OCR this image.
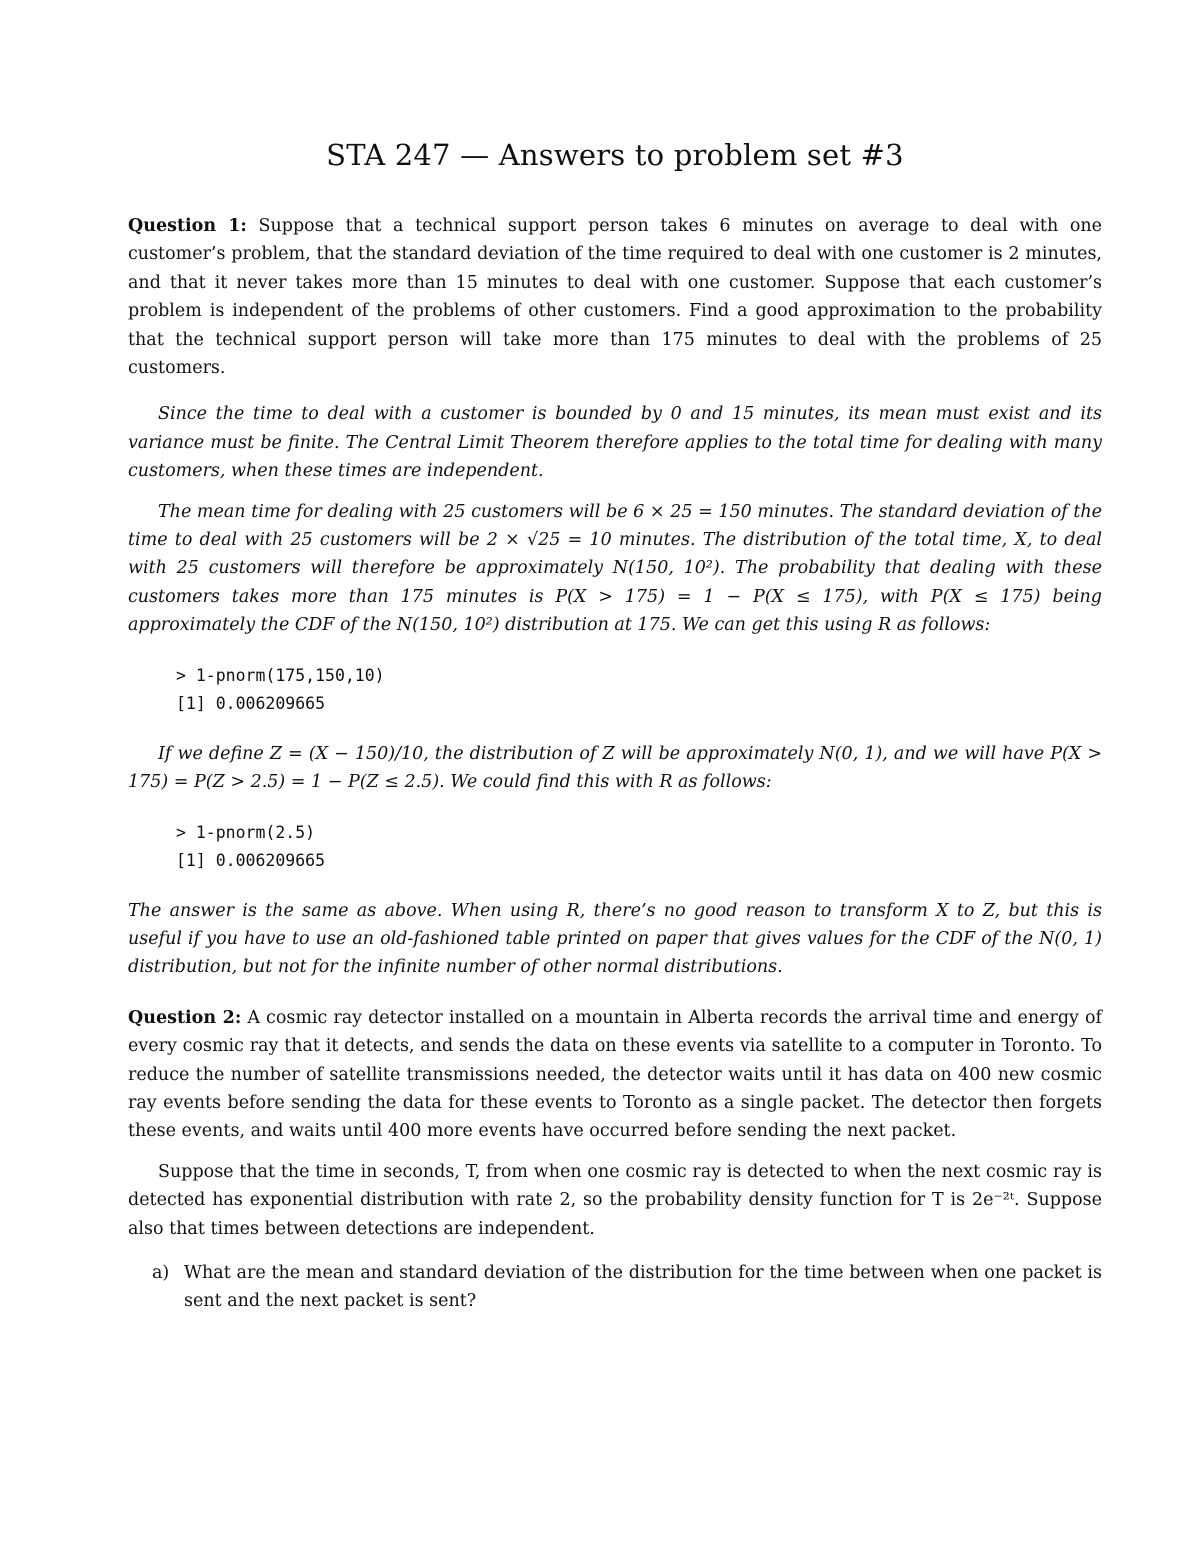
STA 247 — Answers to problem set #3

Question 1: Suppose that a technical support person takes 6 minutes on average to deal with one customer’s problem, that the standard deviation of the time required to deal with one customer is 2 minutes, and that it never takes more than 15 minutes to deal with one customer. Suppose that each customer’s problem is independent of the problems of other customers. Find a good approximation to the probability that the technical support person will take more than 175 minutes to deal with the problems of 25 customers.

Since the time to deal with a customer is bounded by 0 and 15 minutes, its mean must exist and its variance must be finite. The Central Limit Theorem therefore applies to the total time for dealing with many customers, when these times are independent.

The mean time for dealing with 25 customers will be 6 × 25 = 150 minutes. The standard deviation of the time to deal with 25 customers will be 2 × √25 = 10 minutes. The distribution of the total time, X, to deal with 25 customers will therefore be approximately N(150, 10²). The probability that dealing with these customers takes more than 175 minutes is P(X > 175) = 1 − P(X ≤ 175), with P(X ≤ 175) being approximately the CDF of the N(150, 10²) distribution at 175. We can get this using R as follows:

> 1-pnorm(175,150,10)
[1] 0.006209665

If we define Z = (X − 150)/10, the distribution of Z will be approximately N(0, 1), and we will have P(X > 175) = P(Z > 2.5) = 1 − P(Z ≤ 2.5). We could find this with R as follows:

> 1-pnorm(2.5)
[1] 0.006209665

The answer is the same as above. When using R, there’s no good reason to transform X to Z, but this is useful if you have to use an old-fashioned table printed on paper that gives values for the CDF of the N(0, 1) distribution, but not for the infinite number of other normal distributions.

Question 2: A cosmic ray detector installed on a mountain in Alberta records the arrival time and energy of every cosmic ray that it detects, and sends the data on these events via satellite to a computer in Toronto. To reduce the number of satellite transmissions needed, the detector waits until it has data on 400 new cosmic ray events before sending the data for these events to Toronto as a single packet. The detector then forgets these events, and waits until 400 more events have occurred before sending the next packet.

Suppose that the time in seconds, T, from when one cosmic ray is detected to when the next cosmic ray is detected has exponential distribution with rate 2, so the probability density function for T is 2e⁻²ᵗ. Suppose also that times between detections are independent.

a) What are the mean and standard deviation of the distribution for the time between when one packet is sent and the next packet is sent?
